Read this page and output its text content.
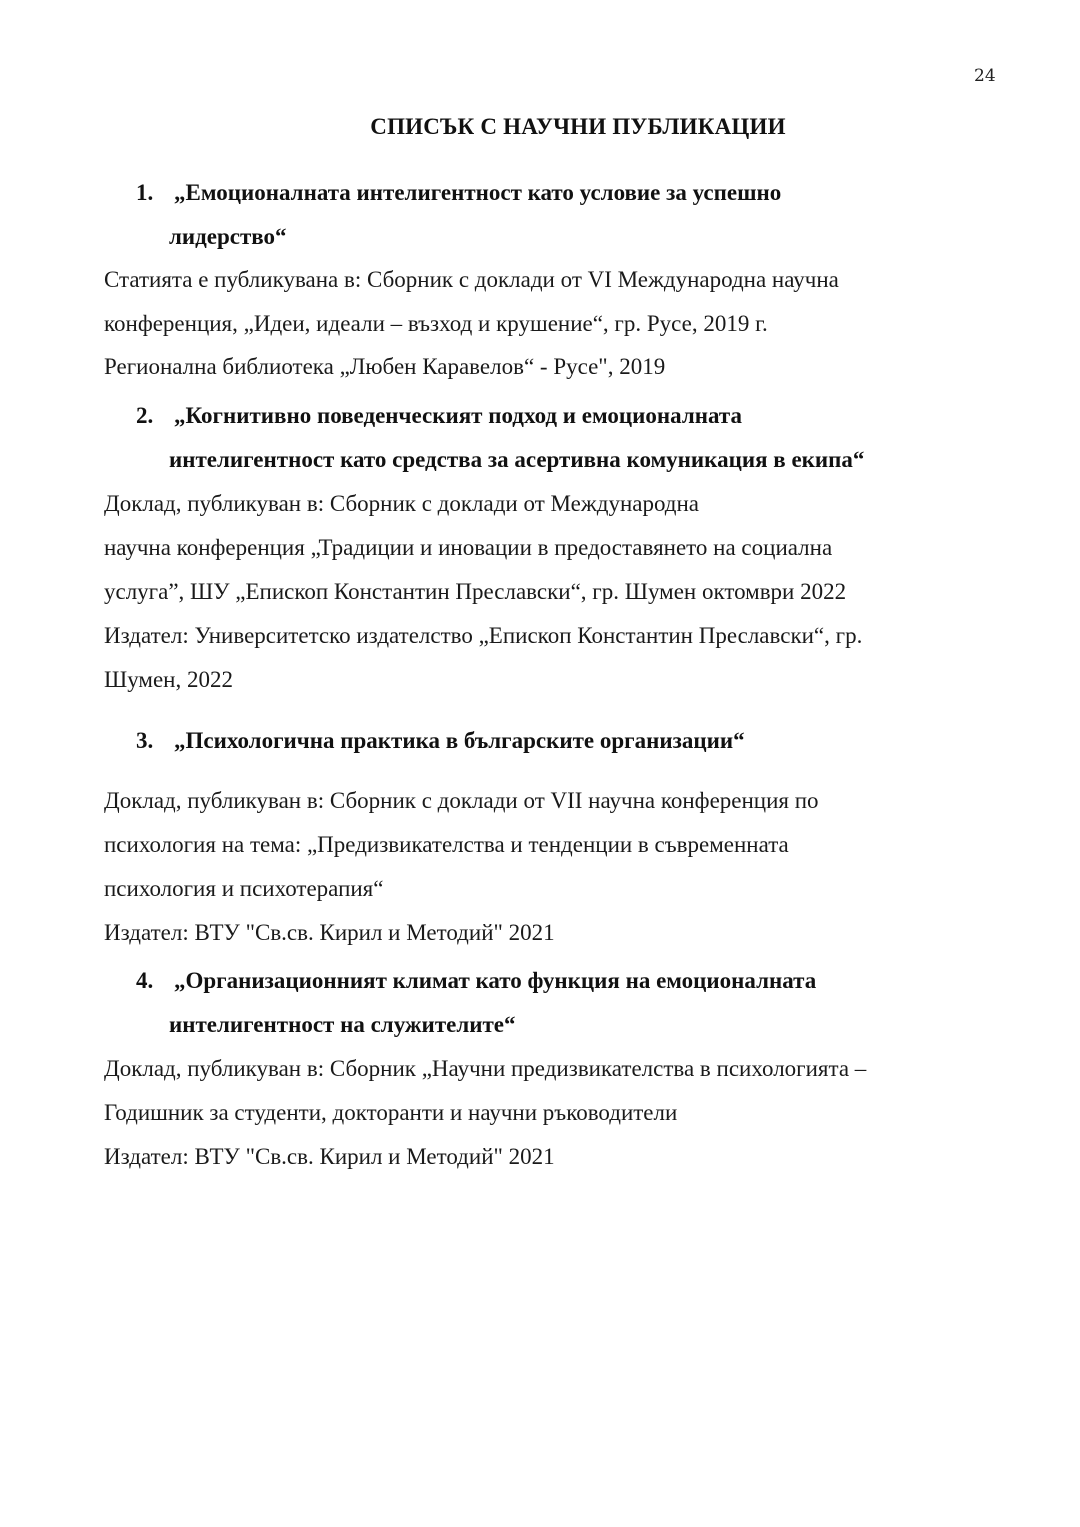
24
СПИСЪК С НАУЧНИ ПУБЛИКАЦИИ
1. „Емоционалната интелигентност като условие за успешно
лидерство“
Статията е публикувана в: Сборник с доклади от VI Международна научна
конференция, „Идеи, идеали – възход и крушение“, гр. Русе, 2019 г.
Регионална библиотека „Любен Каравелов“ - Русе", 2019
2. „Когнитивно поведенческият подход и емоционалната
интелигентност като средства за асертивна комуникация в екипа“
Доклад, публикуван в: Сборник с доклади от Международна
научна конференция „Традиции и иновации в предоставянето на социална
услуга”, ШУ „Епископ Константин Преславски“, гр. Шумен октомври 2022
Издател: Университетско издателство „Епископ Константин Преславски“, гр.
Шумен, 2022
3. „Психологична практика в българските организации“
Доклад, публикуван в: Сборник с доклади от VII научна конференция по
психология на тема: „Предизвикателства и тенденции в съвременната
психология и психотерапия“
Издател: ВТУ "Св.св. Кирил и Методий" 2021
4. „Организационният климат като функция на емоционалната
интелигентност на служителите“
Доклад, публикуван в: Сборник „Научни предизвикателства в психологията –
Годишник за студенти, докторанти и научни ръководители
Издател: ВТУ "Св.св. Кирил и Методий" 2021
